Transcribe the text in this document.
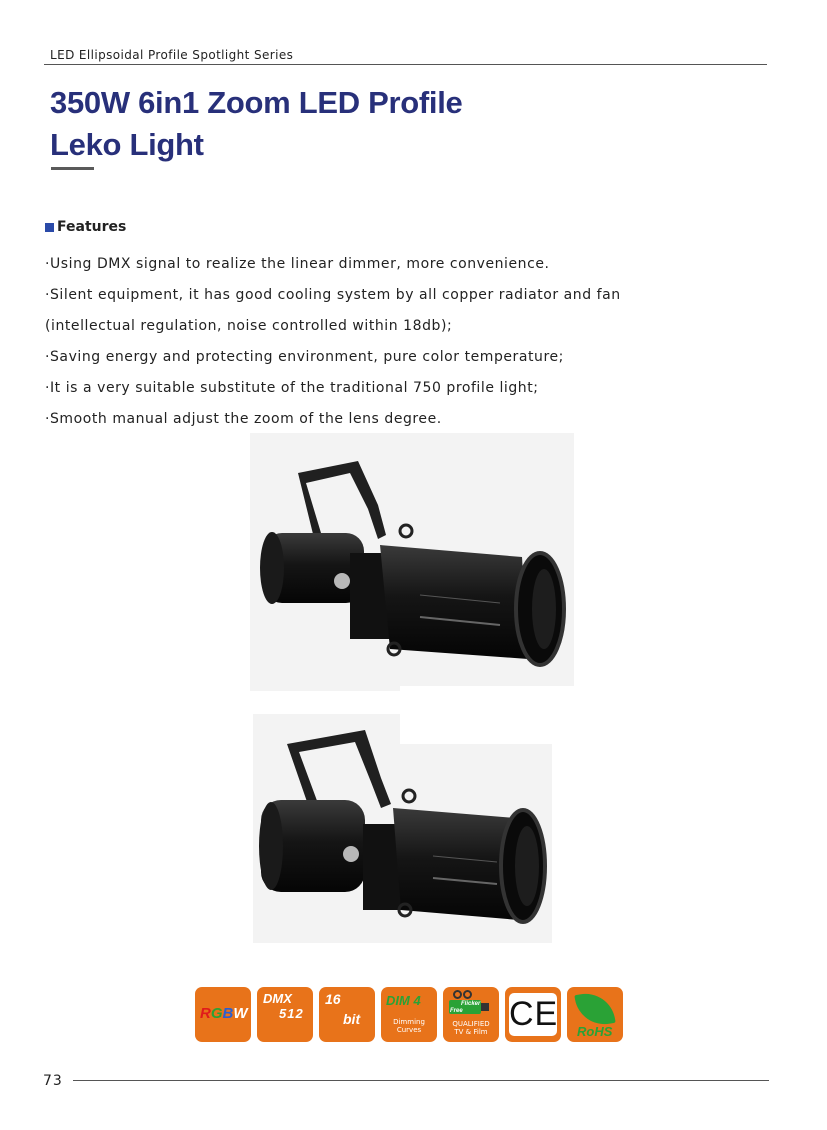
LED Ellipsoidal Profile Spotlight Series
350W 6in1 Zoom LED Profile
Leko Light
Features
·Using DMX signal to realize the linear dimmer, more convenience.
·Silent equipment, it has good cooling system by all copper radiator and fan
(intellectual regulation, noise controlled within 18db);
·Saving energy and protecting environment, pure color temperature;
·It is a very suitable substitute of the traditional 750 profile light;
·Smooth manual adjust the zoom of the lens degree.
RGBW
DMX
512
16
bit
DIM 4
Dimming
Curves
Flicker
Free
QUALIFIED
TV & Film CE RoHS
73
